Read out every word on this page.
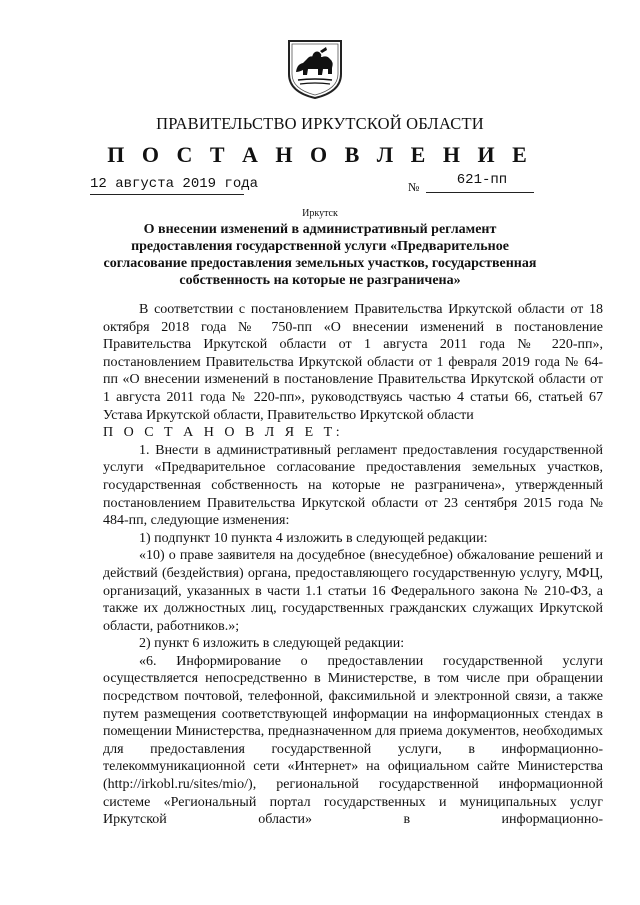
ПРАВИТЕЛЬСТВО ИРКУТСКОЙ ОБЛАСТИ
П О С Т А Н О В Л Е Н И Е
12 августа 2019 года	№	621-пп
Иркутск
О внесении изменений в административный регламент предоставления государственной услуги «Предварительное согласование предоставления земельных участков, государственная собственность на которые не разграничена»

В соответствии с постановлением Правительства Иркутской области от 18 октября 2018 года № 750-пп «О внесении изменений в постановление Правительства Иркутской области от 1 августа 2011 года № 220-пп», постановлением Правительства Иркутской области от 1 февраля 2019 года № 64-пп «О внесении изменений в постановление Правительства Иркутской области от 1 августа 2011 года № 220-пп», руководствуясь частью 4 статьи 66, статьей 67 Устава Иркутской области, Правительство Иркутской области

П О С Т А Н О В Л Я Е Т:

1. Внести в административный регламент предоставления государственной услуги «Предварительное согласование предоставления земельных участков, государственная собственность на которые не разграничена», утвержденный постановлением Правительства Иркутской области от 23 сентября 2015 года № 484-пп, следующие изменения:

1) подпункт 10 пункта 4 изложить в следующей редакции:

«10) о праве заявителя на досудебное (внесудебное) обжалование решений и действий (бездействия) органа, предоставляющего государственную услугу, МФЦ, организаций, указанных в части 1.1 статьи 16 Федерального закона № 210-ФЗ, а также их должностных лиц, государственных гражданских служащих Иркутской области, работников.»;

2) пункт 6 изложить в следующей редакции:

«6. Информирование о предоставлении государственной услуги осуществляется непосредственно в Министерстве, в том числе при обращении посредством почтовой, телефонной, факсимильной и электронной связи, а также путем размещения соответствующей информации на информационных стендах в помещении Министерства, предназначенном для приема документов, необходимых для предоставления государственной услуги, в информационно-телекоммуникационной сети «Интернет» на официальном сайте Министерства (http://irkobl.ru/sites/mio/), региональной государственной информационной системе «Региональный портал государственных и муниципальных услуг Иркутской области» в информационно-
